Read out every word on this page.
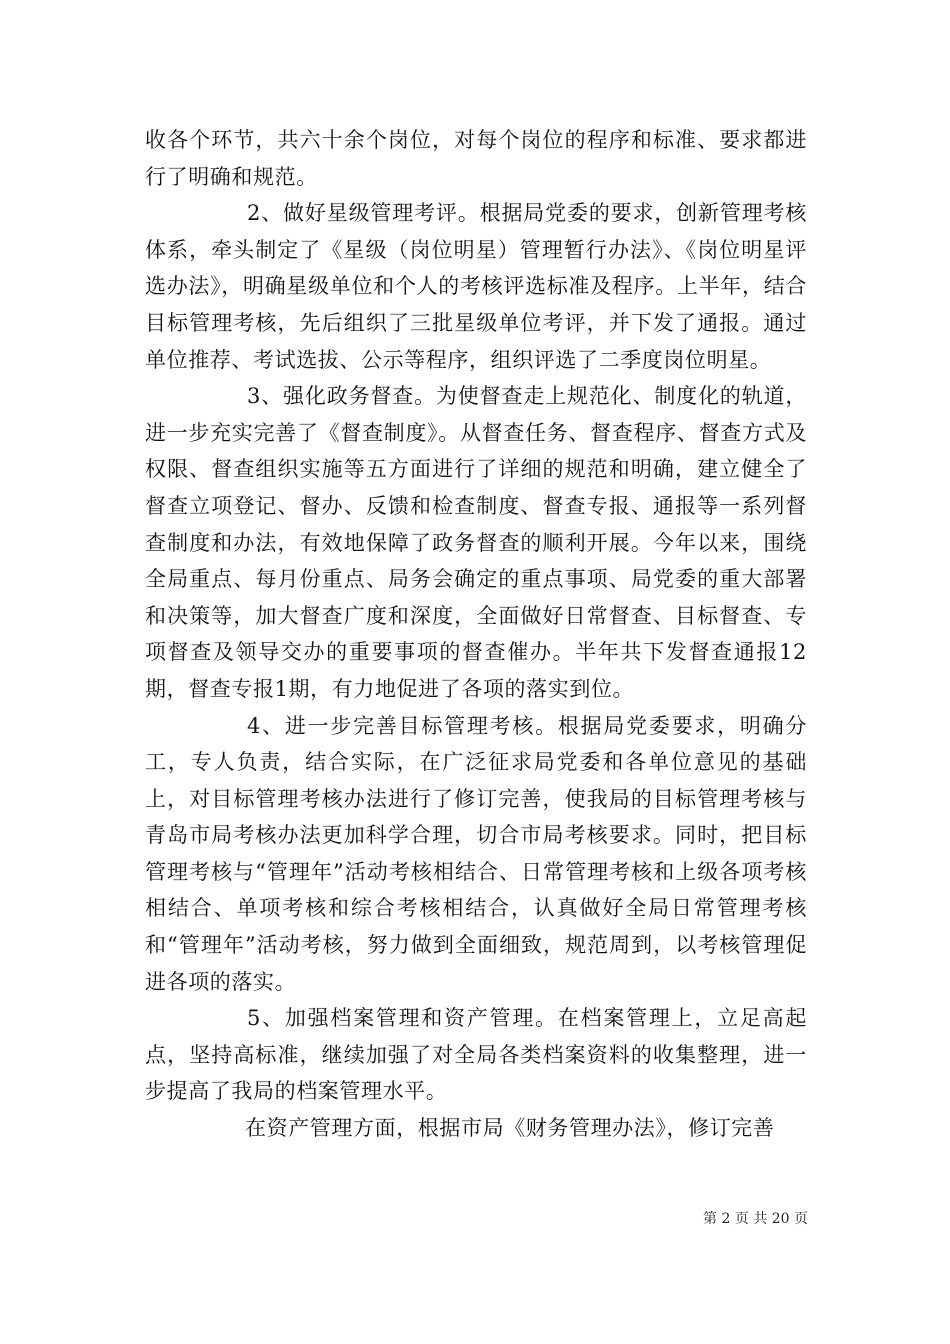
收各个环节，共六十余个岗位，对每个岗位的程序和标准、要求都进行了明确和规范。

2、做好星级管理考评。根据局党委的要求，创新管理考核体系，牵头制定了《星级（岗位明星）管理暂行办法》、《岗位明星评选办法》，明确星级单位和个人的考核评选标准及程序。上半年，结合目标管理考核，先后组织了三批星级单位考评，并下发了通报。通过单位推荐、考试选拔、公示等程序，组织评选了二季度岗位明星。

3、强化政务督查。为使督查走上规范化、制度化的轨道，进一步充实完善了《督查制度》。从督查任务、督查程序、督查方式及权限、督查组织实施等五方面进行了详细的规范和明确，建立健全了督查立项登记、督办、反馈和检查制度、督查专报、通报等一系列督查制度和办法，有效地保障了政务督查的顺利开展。今年以来，围绕全局重点、每月份重点、局务会确定的重点事项、局党委的重大部署和决策等，加大督查广度和深度，全面做好日常督查、目标督查、专项督查及领导交办的重要事项的督查催办。半年共下发督查通报12期，督查专报1期，有力地促进了各项的落实到位。

4、进一步完善目标管理考核。根据局党委要求，明确分工，专人负责，结合实际，在广泛征求局党委和各单位意见的基础上，对目标管理考核办法进行了修订完善，使我局的目标管理考核与青岛市局考核办法更加科学合理，切合市局考核要求。同时，把目标管理考核与“管理年”活动考核相结合、日常管理考核和上级各项考核相结合、单项考核和综合考核相结合，认真做好全局日常管理考核和“管理年”活动考核，努力做到全面细致，规范周到，以考核管理促进各项的落实。

5、加强档案管理和资产管理。在档案管理上，立足高起点，坚持高标准，继续加强了对全局各类档案资料的收集整理，进一步提高了我局的档案管理水平。

在资产管理方面，根据市局《财务管理办法》，修订完善

第 2 页 共 20 页
